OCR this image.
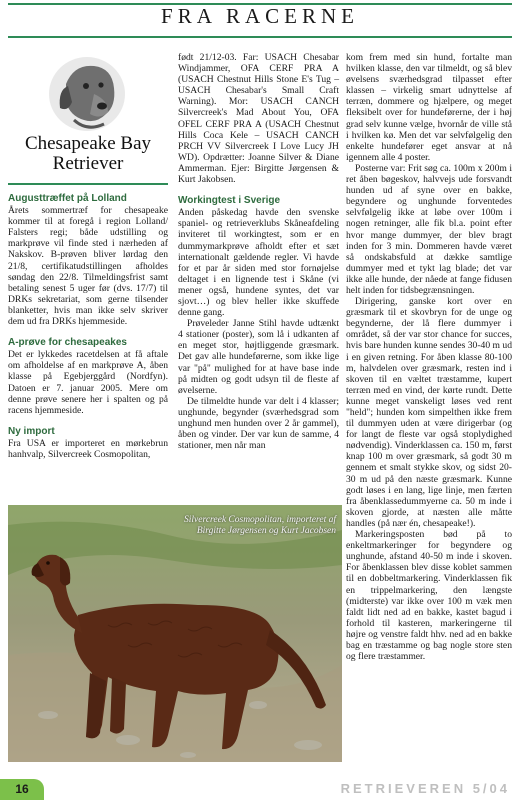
FRA RACERNE
Chesapeake Bay
Retriever
Augusttræffet på Lolland

Årets sommertræf for chesapeake kommer til at foregå i region Lolland/ Falsters regi; både udstilling og markprøve vil finde sted i nærheden af Nakskov. B-prøven bliver lørdag den 21/8, certifikatudstillingen afholdes søndag den 22/8. Tilmeldingsfrist samt betaling senest 5 uger før (dvs. 17/7) til DRKs sekretariat, som gerne tilsender blanketter, hvis man ikke selv skriver dem ud fra DRKs hjemmeside.

A-prøve for chesapeakes

Det er lykkedes racetdelsen at få aftale om afholdelse af en markprøve A, åben klasse på Egebjerggård (Nordfyn). Datoen er 7. januar 2005. Mere om denne prøve senere her i spalten og på racens hjemmeside.

Ny import

Fra USA er importeret en mørkebrun hanhvalp, Silvercreek Cosmopolitan,

født 21/12-03. Far: USACH Chesabar Windjammer, OFA CERF PRA A (USACH Chestnut Hills Stone E's Tug – USACH Chesabar's Small Craft Warning). Mor: USACH CANCH Silvercreek's Mad About You, OFA OFEL CERF PRA A (USACH Chestnut Hills Coca Kele – USACH CANCH PRCH VV Silvercreek I Love Lucy JH WD). Opdrætter: Joanne Silver & Diane Ammerman. Ejer: Birgitte Jørgensen & Kurt Jakobsen.

Workingtest i Sverige

Anden påskedag havde den svenske spaniel- og retrieverklubs Skåneafdeling inviteret til workingtest, som er en dummymarkprøve afholdt efter et sæt internationalt gældende regler. Vi havde for et par år siden med stor fornøjelse deltaget i en lignende test i Skåne (vi mener også, hundene syntes, det var sjovt…) og blev heller ikke skuffede denne gang.

Prøveleder Janne Stihl havde udtænkt 4 stationer (poster), som lå i udkanten af en meget stor, højtliggende græsmark. Det gav alle hundeførerne, som ikke lige var "på" mulighed for at have base inde på midten og godt udsyn til de fleste af øvelserne.

De tilmeldte hunde var delt i 4 klasser; unghunde, begynder (sværhedsgrad som unghund men hunden over 2 år gammel), åben og vinder. Der var kun de samme, 4 stationer, men når man

kom frem med sin hund, fortalte man hvilken klasse, den var tilmeldt, og så blev øvelsens sværhedsgrad tilpasset efter klassen – virkelig smart udnyttelse af terræn, dommere og hjælpere, og meget fleksibelt over for hundeførerne, der i høj grad selv kunne vælge, hvornår de ville stå i hvilken kø. Men det var selvfølgelig den enkelte hundefører eget ansvar at nå igennem alle 4 poster.

Posterne var: Frit søg ca. 100m x 200m i ret åben bøgeskov, halvvejs ude forsvandt hunden ud af syne over en bakke, begyndere og unghunde forventedes selvfølgelig ikke at løbe over 100m i nogen retninger, alle fik bl.a. point efter hvor mange dummyer, der blev bragt inden for 3 min. Dommeren havde været så ondskabsfuld at dække samtlige dummyer med et tykt lag blade; det var ikke alle hunde, der nåede at fange fidusen helt inden for tidsbegrænsningen.

Dirigering, ganske kort over en græsmark til et skovbryn for de unge og begynderne, der lå flere dummyer i området, så der var stor chance for succes, hvis bare hunden kunne sendes 30-40 m ud i en given retning. For åben klasse 80-100 m, halvdelen over græsmark, resten ind i skoven til en væltet træstamme, kupert terræn med en vind, der kørte rundt. Dette kunne meget vanskeligt løses ved rent "held"; hunden kom simpelthen ikke frem til dummyen uden at være dirigerbar (og for langt de fleste var også stoplydighed nødvendig). Vinderklassen ca. 150 m, først knap 100 m over græsmark, så godt 30 m gennem et smalt stykke skov, og sidst 20-30 m ud på den næste græsmark. Kunne godt løses i en lang, lige linje, men færten fra åbenklassedummyerne ca. 50 m inde i skoven gjorde, at næsten alle måtte handles (på nær én, chesapeake!).

Markeringsposten bød på to enkeltmarkeringer for begyndere og unghunde, afstand 40-50 m inde i skoven. For åbenklassen blev disse koblet sammen til en dobbeltmarkering. Vinderklassen fik en trippelmarkering, den længste (midterste) var ikke over 100 m væk men faldt lidt ned ad en bakke, kastet bagud i forhold til kasteren, markeringerne til højre og venstre faldt hhv. ned ad en bakke bag en træstamme og bag nogle store sten og flere træstammer.

Silvercreek Cosmopolitan, importeret af Birgitte Jørgensen og Kurt Jacobsen
16	RETRIEVEREN 5/04
